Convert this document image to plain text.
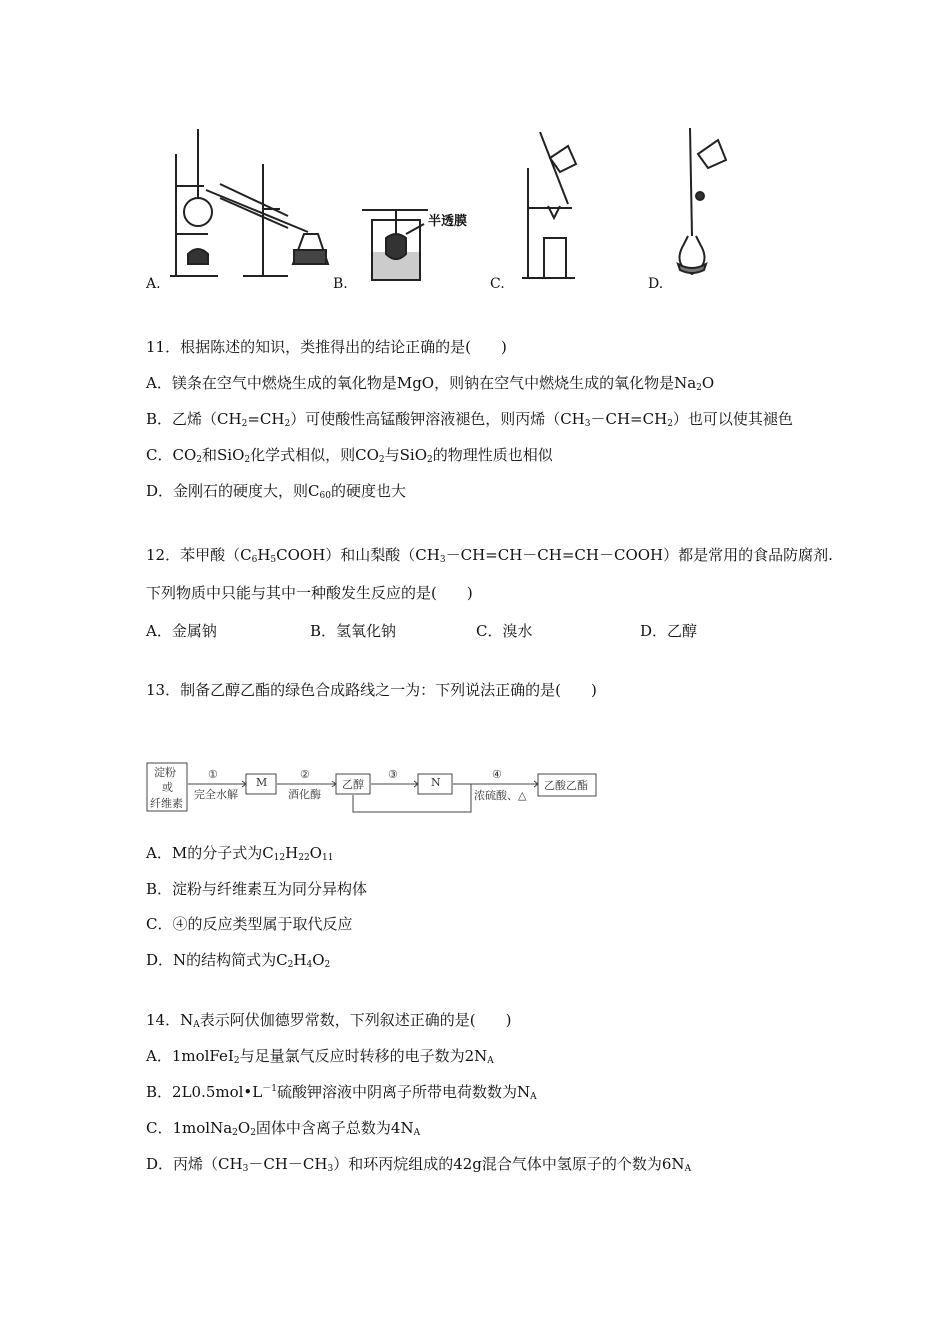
A.
半透膜
B.	C.	D.
11．根据陈述的知识，类推得出的结论正确的是(　　)
A．镁条在空气中燃烧生成的氧化物是MgO，则钠在空气中燃烧生成的氧化物是$Na_2O$
B．乙烯$(CH_2=CH_2)$可使酸性高锰酸钾溶液褪色，则丙烯$(CH_3-CH=CH_2)$也可以使其褪色
C．$CO_2$和SiO$_2$化学式相似，则$CO_2$与SiO$_2$的物理性质也相似
D．金刚石的硬度大，则$C_{60}$的硬度也大
12．苯甲酸$(C_6H_5COOH)$和山梨酸$(CH_3-CH=CH-CH=CH-COOH)$都是常用的食品防腐剂.
下列物质中只能与其中一种酸发生反应的是(　　)
A．金属钠	B．氢氧化钠	C．溴水	D．乙醇
13．制备乙醇乙酯的绿色合成路线之一为：下列说法正确的是(　　)
淀粉
或
纤维素
①
完全水解
M
②
酒化酶
乙醇
③
N
④
浓硫酸、△
乙酸乙酯
A．M的分子式为$C_{12}H_{22}O_{11}$
B．淀粉与纤维素互为同分异构体
C．④的反应类型属于取代反应
D．N的结构简式为$C_2H_4O_2$
14．$N_A$表示阿伏伽德罗常数，下列叙述正确的是(　　)
A．1molFeI$_2$与足量氯气反应时转移的电子数为$2N_A$
B．$2L0.5mol•L^{-1}$硫酸钾溶液中阴离子所带电荷数数为$N_A$
C．$1molNa_2O_2$固体中含离子总数为$4N_A$
D．丙烯$(CH_3-CH-CH_3)$和环丙烷组成的42g混合气体中氢原子的个数为$6N_A$
